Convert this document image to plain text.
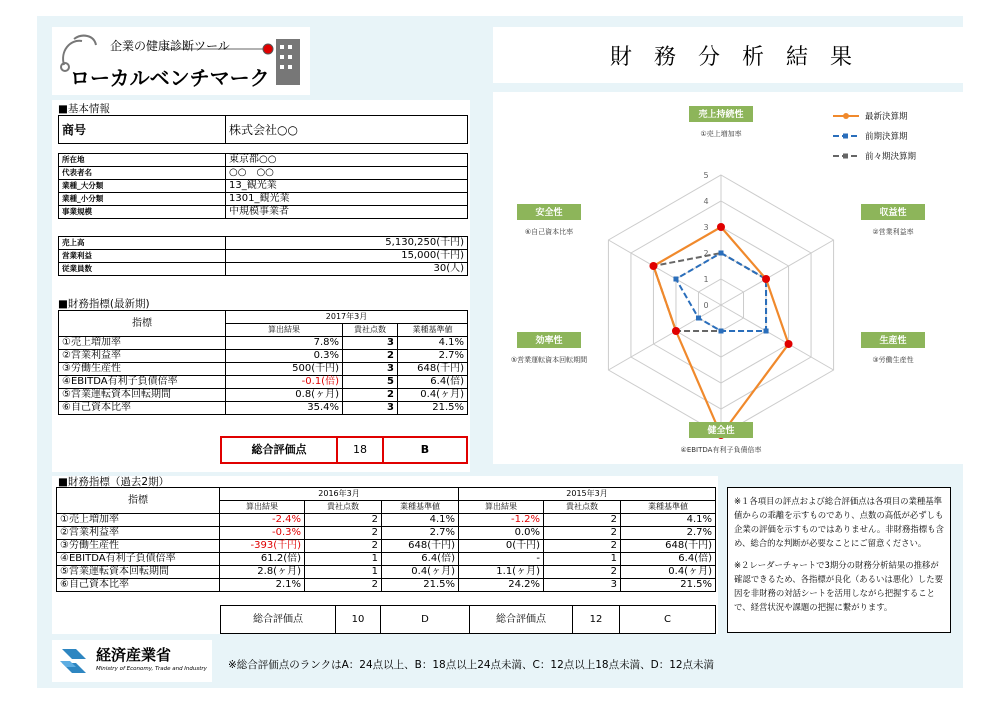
企業の健康診断ツール
ローカルベンチマーク
財務分析結果
■基本情報
商号	株式会社○○
所在地	東京都○○
代表者名	○○　○○
業種_大分類	13_観光業
業種_小分類	1301_観光業
事業規模	中規模事業者
売上高	5,130,250(千円)
営業利益	15,000(千円)
従業員数	30(人)
■財務指標(最新期)
指標	2017年3月		
	算出結果	貴社点数	業種基準値
①売上増加率	7.8%	3	4.1%
②営業利益率	0.3%	2	2.7%
③労働生産性	500(千円)	3	648(千円)
④EBITDA有利子負債倍率	-0.1(倍)	5	6.4(倍)
⑤営業運転資本回転期間	0.8(ヶ月)	2	0.4(ヶ月)
⑥自己資本比率	35.4%	3	21.5%
総合評価点	18	B
0
1
2
3
4
5
売上持続性
①売上増加率
収益性
②営業利益率
生産性
③労働生産性
健全性
④EBITDA有利子負債倍率
効率性
⑤営業運転資本回転期間
安全性
⑥自己資本比率
最新決算期
前期決算期
前々期決算期
■財務指標（過去2期）
指標	2016年3月			2015年3月		
	算出結果	貴社点数	業種基準値	算出結果	貴社点数	業種基準値
①売上増加率	-2.4%	2	4.1%	-1.2%	2	4.1%
②営業利益率	-0.3%	2	2.7%	0.0%	2	2.7%
③労働生産性	-393(千円)	2	648(千円)	0(千円)	2	648(千円)
④EBITDA有利子負債倍率	61.2(倍)	1	6.4(倍)	-	1	6.4(倍)
⑤営業運転資本回転期間	2.8(ヶ月)	1	0.4(ヶ月)	1.1(ヶ月)	2	0.4(ヶ月)
⑥自己資本比率	2.1%	2	21.5%	24.2%	3	21.5%
総合評価点	10	D	総合評価点	12	C
※１各項目の評点および総合評価点は各項目の業種基準値からの乖離を示すものであり、点数の高低が必ずしも企業の評価を示すものではありません。非財務指標も含め、総合的な判断が必要なことにご留意ください。
※２レーダーチャートで3期分の財務分析結果の推移が確認できるため、各指標が良化（あるいは悪化）した要因を非財務の対話シートを活用しながら把握することで、経営状況や課題の把握に繋がります。
経済産業省
Ministry of Economy, Trade and Industry ※総合評価点のランクはA：24点以上、B：18点以上24点未満、C：12点以上18点未満、D：12点未満
